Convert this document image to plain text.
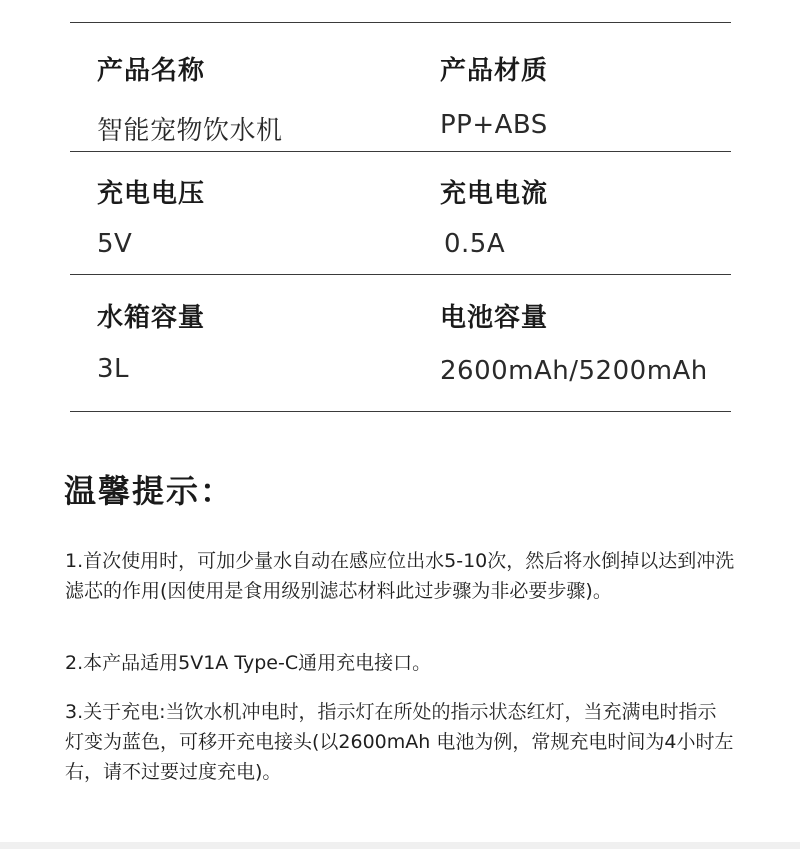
产品名称
智能宠物饮水机
产品材质
PP+ABS
充电电压
5V
充电电流
0.5A
水箱容量
3L
电池容量
2600mAh/5200mAh
温馨提示：
1.首次使用时，可加少量水自动在感应位出水5-10次，然后将水倒掉以达到冲洗滤芯的作用(因使用是食用级别滤芯材料此过步骤为非必要步骤)。
2.本产品适用5V1A Type-C通用充电接口。
3.关于充电:当饮水机冲电时，指示灯在所处的指示状态红灯，当充满电时指示灯变为蓝色，可移开充电接头(以2600mAh 电池为例，常规充电时间为4小时左右，请不过要过度充电)。
